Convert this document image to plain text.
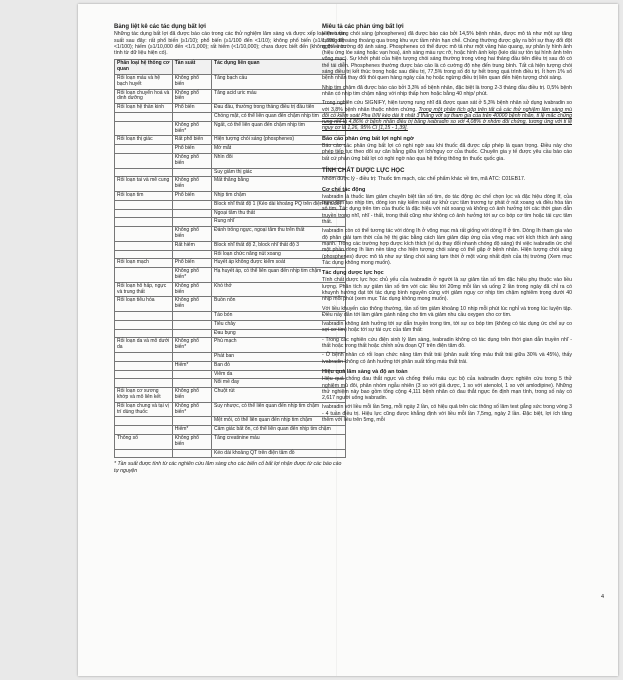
Bảng liệt kê các tác dụng bất lợi
Những tác dụng bất lợi đã được báo cáo trong các thử nghiệm lâm sàng và được xếp loại theo tần suất sau đây: rất phổ biến (≥1/10); phổ biến (≥1/100 đến <1/10); không phổ biến (≥1/1,000 đến <1/100); hiếm (≥1/10,000 đến <1/1,000); rất hiếm (<1/10,000); chưa được biết đến (không thể ước tính từ dữ liệu hiện có).
Phân loại hệ thống cơ quan	Tần suất	Tác dụng liên quan
Rối loạn máu và hệ bạch huyết	Không phổ biến	Tăng bạch cầu
Rối loạn chuyển hoá và dinh dưỡng	Không phổ biến	Tăng acid uric máu
Rối loạn hệ thần kinh	Phổ biến	Đau đầu, thường trong tháng điều trị đầu tiên
		Chóng mặt, có thể liên quan đến chậm nhịp tim
	Không phổ biến*	Ngất, có thể liên quan đến chậm nhịp tim
Rối loạn thị giác	Rất phổ biến	Hiện tượng chói sáng (phosphenes)
	Phổ biến	Mờ mắt
	Không phổ biến	Nhìn đôi
		Suy giảm thị giác
Rối loạn tai và mê cung	Không phổ biến	Mất thăng bằng
Rối loạn tim	Phổ biến	Nhịp tim chậm
		Block nhĩ thất độ 1 (Kéo dài khoảng PQ trên điện tâm đồ)
		Ngoại tâm thu thất
		Rung nhĩ
	Không phổ biến	Đánh trống ngực, ngoại tâm thu trên thất
	Rất hiếm	Block nhĩ thất độ 2, block nhĩ thất độ 3
		Rối loạn chức năng nút xoang
Rối loạn mạch	Phổ biến	Huyết áp không được kiểm soát
	Không phổ biến*	Hạ huyết áp, có thể liên quan đến nhịp tim chậm
Rối loạn hô hấp, ngực và trung thất	Không phổ biến	Khó thở
Rối loạn tiêu hóa	Không phổ biến	Buồn nôn
		Táo bón
		Tiêu chảy
		Đau bụng
Rối loạn da và mô dưới da	Không phổ biến*	Phù mạch
		Phát ban
	Hiếm*	Ban đỏ
		Viêm da
		Nổi mề đay
Rối loạn cơ xương khớp và mô liên kết	Không phổ biến	Chuột rút
Rối loạn chung và tại vị trí dùng thuốc	Không phổ biến*	Suy nhược, có thể liên quan đến nhịp tim chậm
		Mệt mỏi, có thể liên quan đến nhịp tim chậm
	Hiếm*	Cảm giác bất ổn, có thể liên quan đến nhịp tim chậm
Thông số	Không phổ biến	Tăng creatinine máu
		Kéo dài khoảng QT trên điện tâm đồ
* Tần suất được tính từ các nghiên cứu lâm sàng cho các biến cố bất lợi nhận được từ các báo cáo tự nguyện
Miêu tả các phản ứng bất lợi
Hiện tượng chói sáng (phosphenes) đã được báo cáo bởi 14,5% bệnh nhân, được mô tả như một sự tăng cường độ sáng thoáng qua trong khu vực tầm nhìn hạn chế. Chúng thường được gây ra bởi sự thay đổi đột ngột về cường độ ánh sáng. Phosphenes có thể được mô tả như một vầng hào quang, sự phân ly hình ảnh (hiệu ứng lóe sáng hoặc vạn hoa), ánh sáng màu rực rỡ, hoặc hình ảnh kép (kéo dài sự tồn tại hình ảnh trên võng mạc). Sự khởi phát của hiện tượng chói sáng thường trong vòng hai tháng đầu tiên điều trị sau đó có thể tái diễn. Phosphenes thường được báo cáo là có cường độ nhẹ đến trung bình. Tất cả hiện tượng chói sáng điều trị kết thúc trong hoặc sau điều trị, 77,5% trong số đó tự hết trong quá trình điều trị. Ít hơn 1% số bệnh nhân thay đổi thói quen hàng ngày của họ hoặc ngừng điều trị liên quan đến hiện tượng chói sáng.
Nhịp tim chậm đã được báo cáo bởi 3,3% số bệnh nhân, đặc biệt là trong 2-3 tháng đầu điều trị. 0,5% bệnh nhân có nhịp tim chậm nặng với nhịp thấp hơn hoặc bằng 40 nhịp/ phút.
Trong nghiên cứu SIGNIFY, hiện tượng rung nhĩ đã được quan sát ở 5,3% bệnh nhân sử dụng ivabradin so với 3,8% bệnh nhân thuộc nhóm chứng. Trong một phân tích gộp trên tất cả các thử nghiệm lâm sàng mù đôi có kiểm soát Pha II/III kéo dài ít nhất 3 tháng với sự tham gia của trên 40000 bệnh nhân, tỉ lệ mắc chứng rung nhĩ là 4,86% ở bệnh nhân điều trị bằng ivabradin so với 4,08% ở nhóm đối chứng, tương ứng với tỉ lệ nguy cơ là 1,26, 95% CI [1,15 - 1,39].
Báo cáo phản ứng bất lợi nghi ngờ
Báo cáo các phản ứng bất lợi có nghi ngờ sau khi thuốc đã được cấp phép là quan trọng. Điều này cho phép tiếp tục theo dõi sự cân bằng giữa lợi ích/nguy cơ của thuốc. Chuyên gia y tế được yêu cầu báo cáo bất cứ phản ứng bất lợi có nghi ngờ nào qua hệ thống thông tin thuốc quốc gia.
TÍNH CHẤT DƯỢC LỰC HỌC
Nhóm dược lý - điều trị: Thuốc tim mạch, các chế phẩm khác về tim, mã ATC: C01EB17.
Cơ chế tác động
Ivabradin là thuốc làm giảm chuyên biệt tần số tim, do tác động ức chế chọn lọc và đặc hiệu dòng If, của trung tâm tạo nhịp tim, dòng ion này kiểm soát sự khử cực tâm trương tự phát ở nút xoang và điều hòa tần số tim. Tác dụng trên tim của thuốc là đặc hiệu với nút xoang và không có ảnh hưởng tới các thời gian dẫn truyền trong nhĩ, nhĩ - thất, trong thất cũng như không có ảnh hưởng tới sự co bóp cơ tim hoặc tái cực tâm thất.
Ivabradin còn có thể tương tác với dòng Ih ở võng mạc mà rất giống với dòng If ở tim. Dòng Ih tham gia vào độ phân giải tạm thời của hệ thị giác bằng cách làm giảm đáp ứng của võng mạc với kích thích ánh sáng mạnh. Trong các trường hợp được kích thích (ví dụ thay đổi nhanh chóng độ sáng) thì việc ivabradin ức chế một phần dòng Ih làm nền tảng cho hiện tượng chói sáng có thể gặp ở bệnh nhân. Hiện tượng chói sáng (phosphenes) được mô tả như sự tăng chói sáng tạm thời ở một vùng nhất định của thị trường (Xem mục Tác dụng không mong muốn).
Tác dụng dược lực học
Tính chất dược lực học chủ yếu của ivabradin ở người là sự giảm tần số tim đặc hiệu phụ thuộc vào liều lượng. Phân tích sự giảm tần số tim với các liều tới 20mg mỗi lần và uống 2 lần trong ngày đã chỉ ra có khuynh hướng đạt tới tác dụng bình nguyên cùng với giảm nguy cơ nhịp tim chậm nghiêm trọng dưới 40 nhịp mỗi phút (xem mục Tác dụng không mong muốn).
Với liều khuyến cáo thông thường, tần số tim giảm khoảng 10 nhịp mỗi phút lúc nghỉ và trong lúc luyện tập. Điều này dẫn tới làm giảm gánh nặng cho tim và giảm nhu cầu oxygen cho cơ tim.
Ivabradin không ảnh hưởng tới sự dẫn truyền trong tim, tới sự co bóp tim (không có tác dụng ức chế sự co sợi cơ tim) hoặc tới sự tái cực của tâm thất:
- Trong các nghiên cứu điện sinh lý lâm sàng, ivabradin không có tác dụng trên thời gian dẫn truyền nhĩ - thất hoặc trong thất hoặc chỉnh sửa đoạn QT trên điện tâm đồ.
- Ở bệnh nhân có rối loạn chức năng tâm thất trái (phân suất tống máu thất trái giữa 30% và 45%), thấy ivabradin không có ảnh hưởng tới phân suất tống máu thất trái.
Hiệu quả lâm sàng và độ an toàn
Hiệu quả chống đau thắt ngực và chống thiếu máu cục bộ của ivabradin được nghiên cứu trong 5 thử nghiệm mù đôi, phân nhóm ngẫu nhiên (3 so với giả dược, 1 so với atenolol, 1 so với amlodipine). Những thử nghiệm này bao gồm tổng cộng 4,111 bệnh nhân có đau thắt ngực ổn định mạn tính, trong số này có 2,617 người uống ivabradin.
Ivabradin với liều mỗi lần 5mg, mỗi ngày 2 lần, có hiệu quả trên các thông số lâm test gắng sức trong vòng 3 - 4 tuần điều trị. Hiệu lực cũng được khẳng định với liều mỗi lần 7,5mg, ngày 2 lần. Đặc biệt, lợi ích tăng thêm với liều trên 5mg, mỗi
4
